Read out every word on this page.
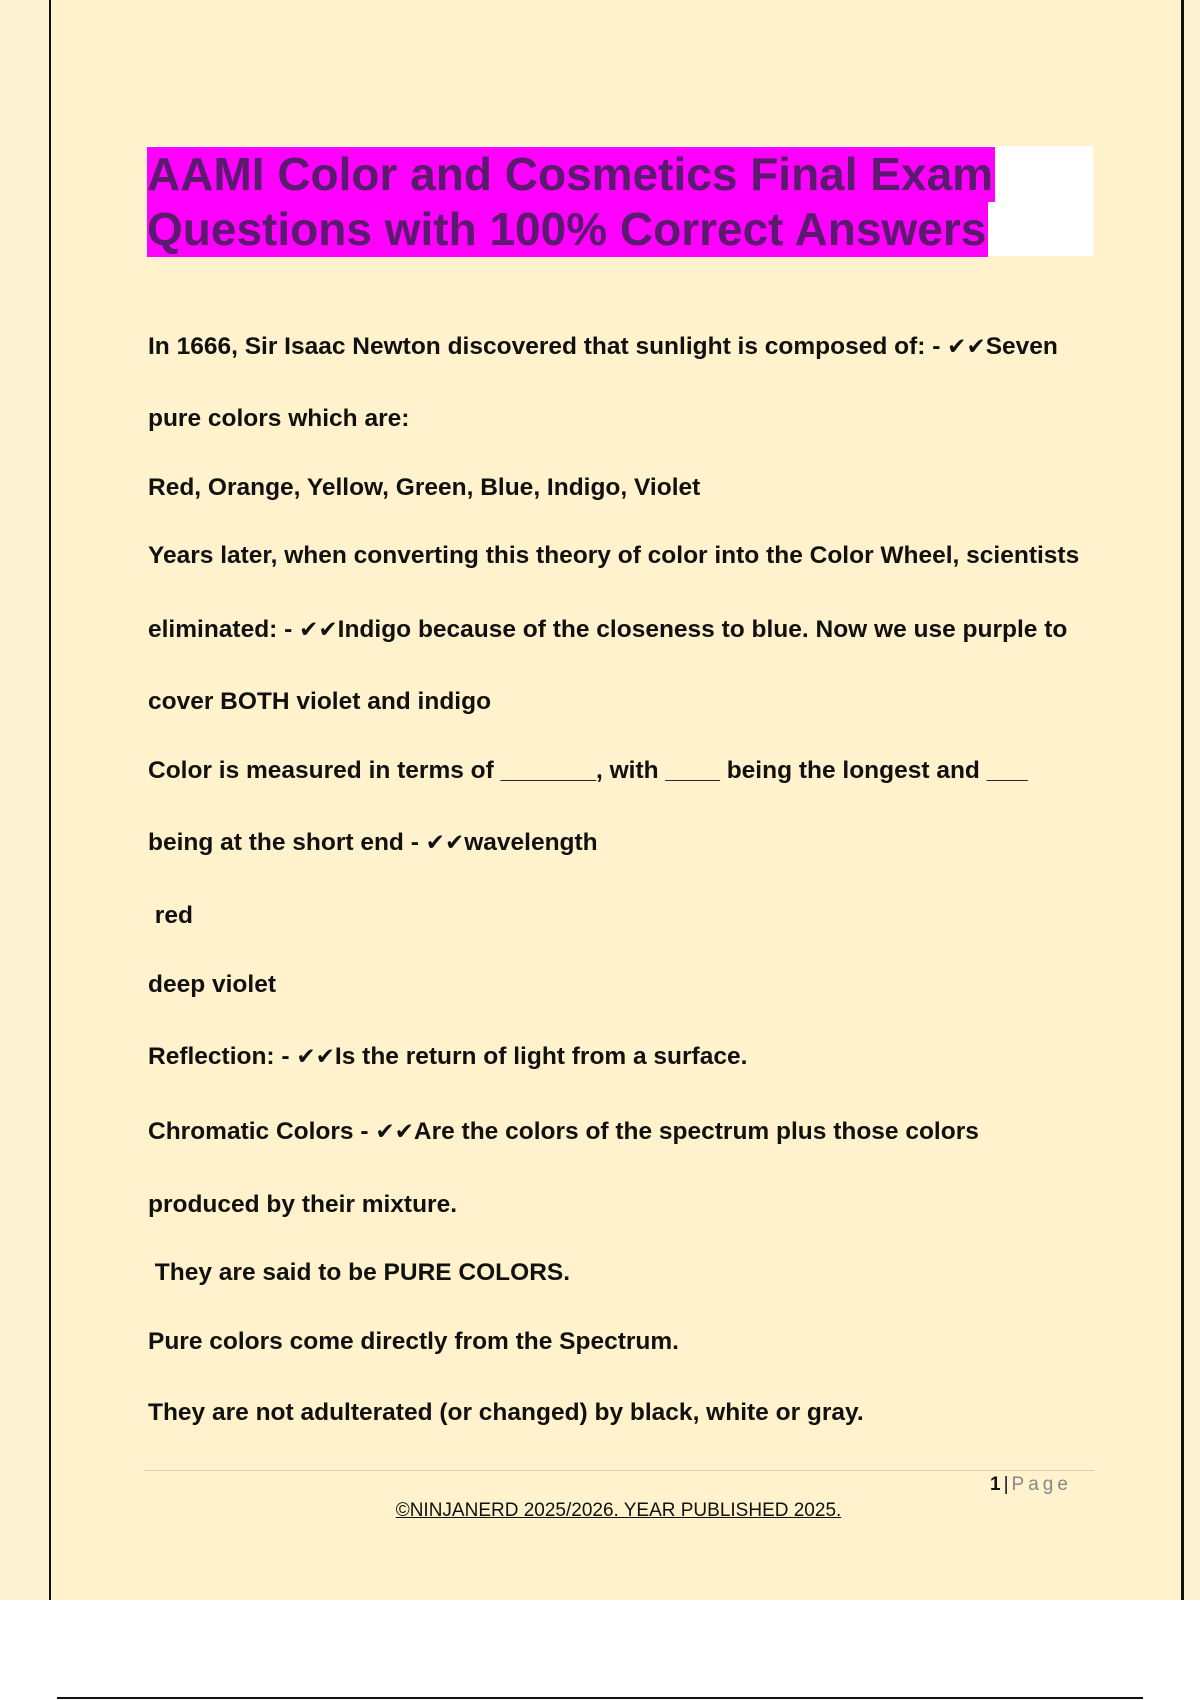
AAMI Color and Cosmetics Final Exam
Questions with 100% Correct Answers

In 1666, Sir Isaac Newton discovered that sunlight is composed of: - ✔✔Seven

pure colors which are:

Red, Orange, Yellow, Green, Blue, Indigo, Violet

Years later, when converting this theory of color into the Color Wheel, scientists

eliminated: - ✔✔Indigo because of the closeness to blue. Now we use purple to

cover BOTH violet and indigo

Color is measured in terms of _______, with ____ being the longest and ___

being at the short end - ✔✔wavelength

red

deep violet

Reflection: - ✔✔Is the return of light from a surface.

Chromatic Colors - ✔✔Are the colors of the spectrum plus those colors

produced by their mixture.

They are said to be PURE COLORS.

Pure colors come directly from the Spectrum.

They are not adulterated (or changed) by black, white or gray.

1 | Page
©NINJANERD 2025/2026. YEAR PUBLISHED 2025.
